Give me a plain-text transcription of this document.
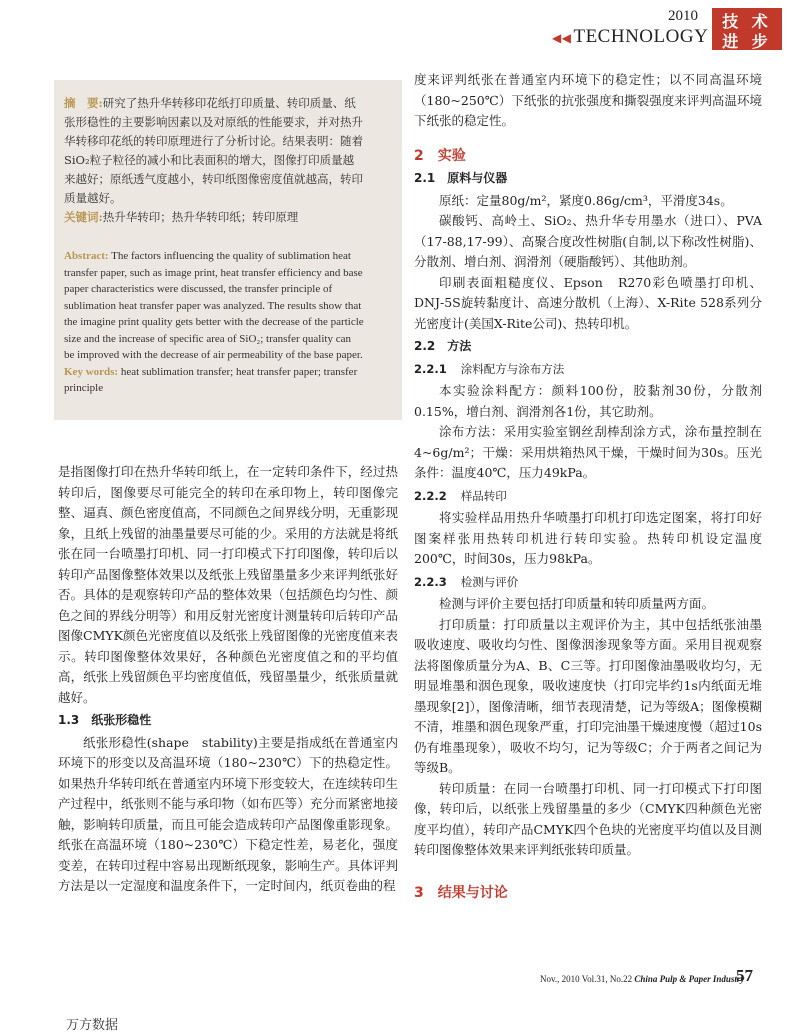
2010
◀◀ TECHNOLOGY
技 术
进 步
摘　要:研究了热升华转移印花纸打印质量、转印质量、纸张形稳性的主要影响因素以及对原纸的性能要求，并对热升华转移印花纸的转印原理进行了分析讨论。结果表明：随着SiO₂粒子粒径的减小和比表面积的增大，图像打印质量越来越好；原纸透气度越小，转印纸图像密度值就越高，转印质量越好。
关键词:热升华转印；热升华转印纸；转印原理
Abstract: The factors influencing the quality of sublimation heat transfer paper, such as image print, heat transfer efficiency and base paper characteristics were discussed, the transfer principle of sublimation heat transfer paper was analyzed. The results show that the imagine print quality gets better with the decrease of the particle size and the increase of specific area of SiO₂; transfer quality can be improved with the decrease of air permeability of the base paper.
Key words: heat sublimation transfer; heat transfer paper; transfer principle

是指图像打印在热升华转印纸上，在一定转印条件下，经过热转印后，图像要尽可能完全的转印在承印物上，转印图像完整、逼真、颜色密度值高，不同颜色之间界线分明，无重影现象，且纸上残留的油墨量要尽可能的少。采用的方法就是将纸张在同一台喷墨打印机、同一打印模式下打印图像，转印后以转印产品图像整体效果以及纸张上残留墨量多少来评判纸张好否。具体的是观察转印产品的整体效果（包括颜色均匀性、颜色之间的界线分明等）和用反射光密度计测量转印后转印产品图像CMYK颜色光密度值以及纸张上残留图像的光密度值来表示。转印图像整体效果好，各种颜色光密度值之和的平均值高，纸张上残留颜色平均密度值低，残留墨量少，纸张质量就越好。

1.3　纸张形稳性

纸张形稳性(shape　stability)主要是指成纸在普通室内环境下的形变以及高温环境（180~230℃）下的热稳定性。如果热升华转印纸在普通室内环境下形变较大，在连续转印生产过程中，纸张则不能与承印物（如布匹等）充分而紧密地接触，影响转印质量，而且可能会造成转印产品图像重影现象。纸张在高温环境（180~230℃）下稳定性差，易老化，强度变差，在转印过程中容易出现断纸现象，影响生产。具体评判方法是以一定湿度和温度条件下，一定时间内，纸页卷曲的程

度来评判纸张在普通室内环境下的稳定性；以不同高温环境（180~250℃）下纸张的抗张强度和撕裂强度来评判高温环境下纸张的稳定性。

2　实验
2.1　原料与仪器

原纸：定量80g/m²，紧度0.86g/cm³，平滑度34s。

碳酸钙、高岭土、SiO₂、热升华专用墨水（进口）、PVA（17-88,17-99）、高聚合度改性树脂(自制,以下称改性树脂)、分散剂、增白剂、润滑剂（硬脂酸钙）、其他助剂。

印刷表面粗糙度仪、Epson　R270彩色喷墨打印机、DNJ-5S旋转黏度计、高速分散机（上海）、X-Rite 528系列分光密度计(美国X-Rite公司)、热转印机。

2.2　方法
2.2.1 涂料配方与涂布方法

本实验涂料配方：颜料100份，胶黏剂30份，分散剂0.15%，增白剂、润滑剂各1份，其它助剂。

涂布方法：采用实验室钢丝刮棒刮涂方式，涂布量控制在4~6g/m²；干燥：采用烘箱热风干燥，干燥时间为30s。压光条件：温度40℃，压力49kPa。

2.2.2 样品转印

将实验样品用热升华喷墨打印机打印选定图案，将打印好图案样张用热转印机进行转印实验。热转印机设定温度200℃，时间30s，压力98kPa。

2.2.3 检测与评价

检测与评价主要包括打印质量和转印质量两方面。

打印质量：打印质量以主观评价为主，其中包括纸张油墨吸收速度、吸收均匀性、图像洇渗现象等方面。采用目视观察法将图像质量分为A、B、C三等。打印图像油墨吸收均匀，无明显堆墨和洇色现象，吸收速度快（打印完毕约1s内纸面无堆墨现象[2]），图像清晰，细节表现清楚，记为等级A；图像模糊不清，堆墨和洇色现象严重，打印完油墨干燥速度慢（超过10s仍有堆墨现象），吸收不均匀，记为等级C；介于两者之间记为等级B。

转印质量：在同一台喷墨打印机、同一打印模式下打印图像，转印后，以纸张上残留墨量的多少（CMYK四种颜色光密度平均值），转印产品CMYK四个色块的光密度平均值以及目测转印图像整体效果来评判纸张转印质量。

3　结果与讨论
Nov., 2010 Vol.31, No.22 China Pulp & Paper Industry
57
万方数据
